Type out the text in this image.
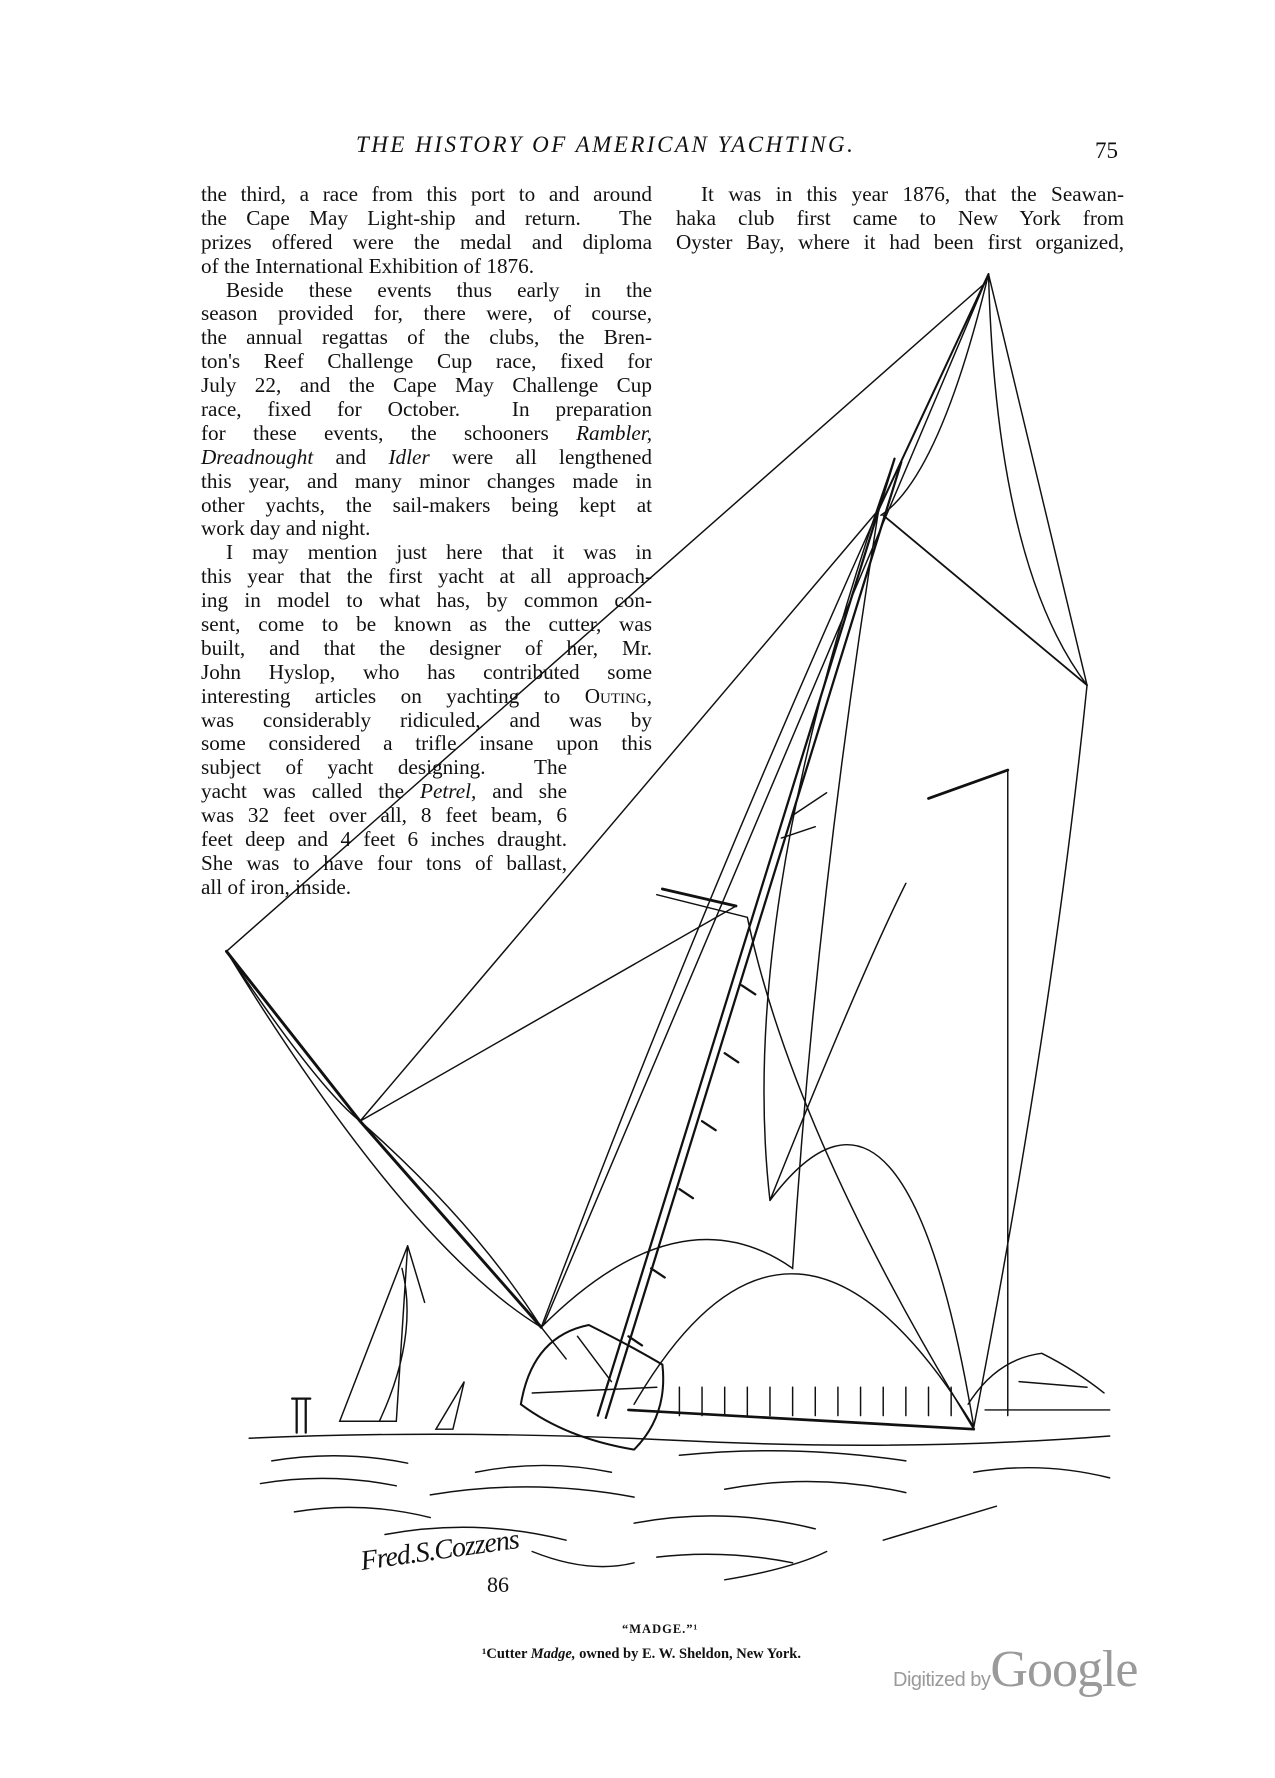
THE HISTORY OF AMERICAN YACHTING.	75
the third, a race from this port to and around
the Cape May Light-ship and return.  The
prizes offered were the medal and diploma
of the International Exhibition of 1876.
Beside these events thus early in the
season provided for, there were, of course,
the annual regattas of the clubs, the Bren-
ton's Reef Challenge Cup race, fixed for
July 22, and the Cape May Challenge Cup
race, fixed for October.  In preparation
for these events, the schooners Rambler,
Dreadnought and Idler were all lengthened
this year, and many minor changes made in
other yachts, the sail-makers being kept at
work day and night.
I may mention just here that it was in
this year that the first yacht at all approach-
ing in model to what has, by common con-
sent, come to be known as the cutter, was
built, and that the designer of her, Mr.
John Hyslop, who has contributed some
interesting articles on yachting to Outing,
was considerably ridiculed, and was by
some considered a trifle insane upon this
subject of yacht designing.  The
yacht was called the Petrel, and she
was 32 feet over all, 8 feet beam, 6
feet deep and 4 feet 6 inches draught.
She was to have four tons of ballast,
all of iron, inside.
It was in this year 1876, that the Seawan-
haka club first came to New York from
Oyster Bay, where it had been first organized,
Fred.S.Cozzens
86
“MADGE.”¹
¹Cutter Madge, owned by E. W. Sheldon, New York.
Digitized byGoogle
